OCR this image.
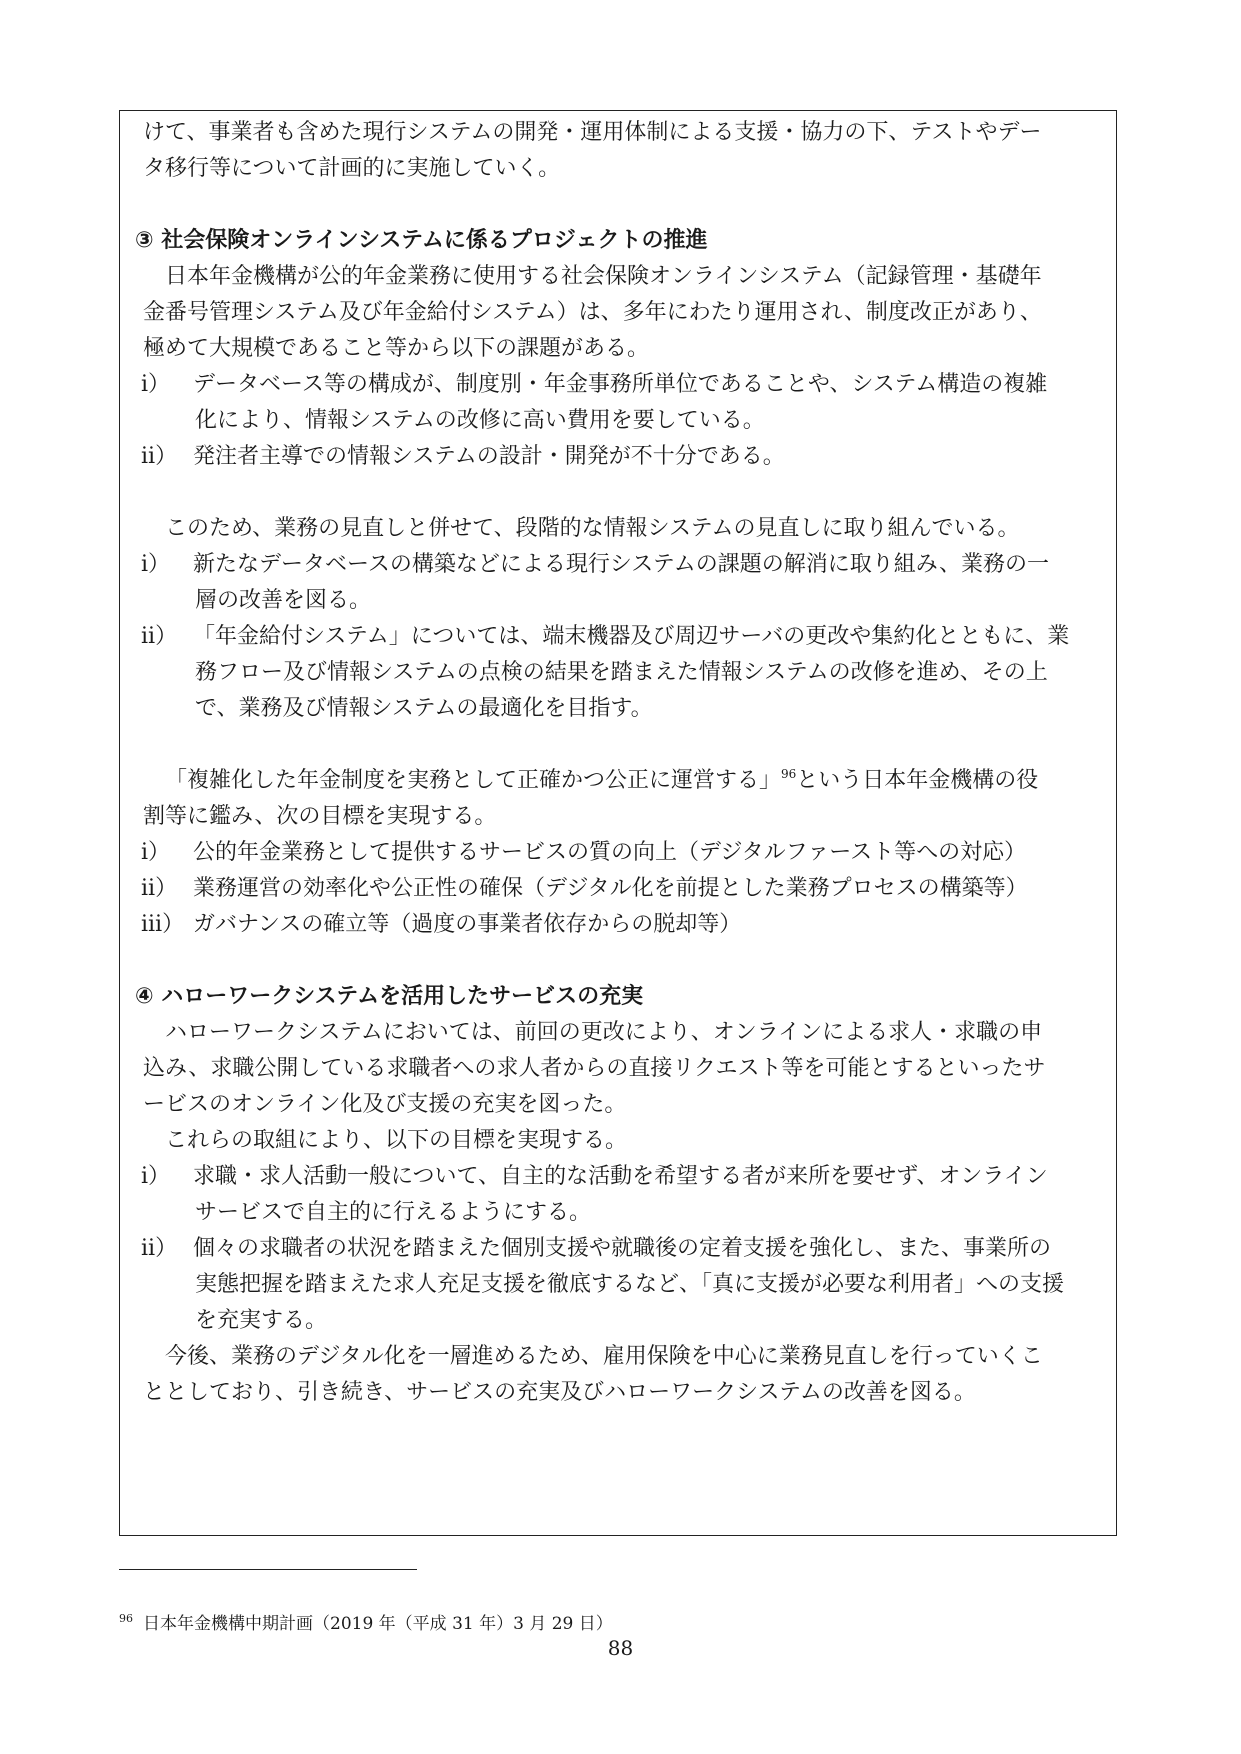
けて、事業者も含めた現行システムの開発・運用体制による支援・協力の下、テストやデー
タ移行等について計画的に実施していく。
③ 社会保険オンラインシステムに係るプロジェクトの推進
日本年金機構が公的年金業務に使用する社会保険オンラインシステム（記録管理・基礎年
金番号管理システム及び年金給付システム）は、多年にわたり運用され、制度改正があり、
極めて大規模であること等から以下の課題がある。
ⅰ） データベース等の構成が、制度別・年金事務所単位であることや、システム構造の複雑
化により、情報システムの改修に高い費用を要している。
ⅱ） 発注者主導での情報システムの設計・開発が不十分である。
このため、業務の見直しと併せて、段階的な情報システムの見直しに取り組んでいる。
ⅰ） 新たなデータベースの構築などによる現行システムの課題の解消に取り組み、業務の一
層の改善を図る。
ⅱ） 「年金給付システム」については、端末機器及び周辺サーバの更改や集約化とともに、業
務フロー及び情報システムの点検の結果を踏まえた情報システムの改修を進め、その上
で、業務及び情報システムの最適化を目指す。
「複雑化した年金制度を実務として正確かつ公正に運営する」$^{96}$という日本年金機構の役
割等に鑑み、次の目標を実現する。
ⅰ） 公的年金業務として提供するサービスの質の向上（デジタルファースト等への対応）
ⅱ） 業務運営の効率化や公正性の確保（デジタル化を前提とした業務プロセスの構築等）
ⅲ） ガバナンスの確立等（過度の事業者依存からの脱却等）
④ ハローワークシステムを活用したサービスの充実
ハローワークシステムにおいては、前回の更改により、オンラインによる求人・求職の申
込み、求職公開している求職者への求人者からの直接リクエスト等を可能とするといったサ
ービスのオンライン化及び支援の充実を図った。
これらの取組により、以下の目標を実現する。
ⅰ） 求職・求人活動一般について、自主的な活動を希望する者が来所を要せず、オンライン
サービスで自主的に行えるようにする。
ⅱ） 個々の求職者の状況を踏まえた個別支援や就職後の定着支援を強化し、また、事業所の
実態把握を踏まえた求人充足支援を徹底するなど、「真に支援が必要な利用者」への支援
を充実する。
今後、業務のデジタル化を一層進めるため、雇用保険を中心に業務見直しを行っていくこ
ととしており、引き続き、サービスの充実及びハローワークシステムの改善を図る。
$^{96}$ 日本年金機構中期計画（2019 年（平成 31 年）3 月 29 日）
88
